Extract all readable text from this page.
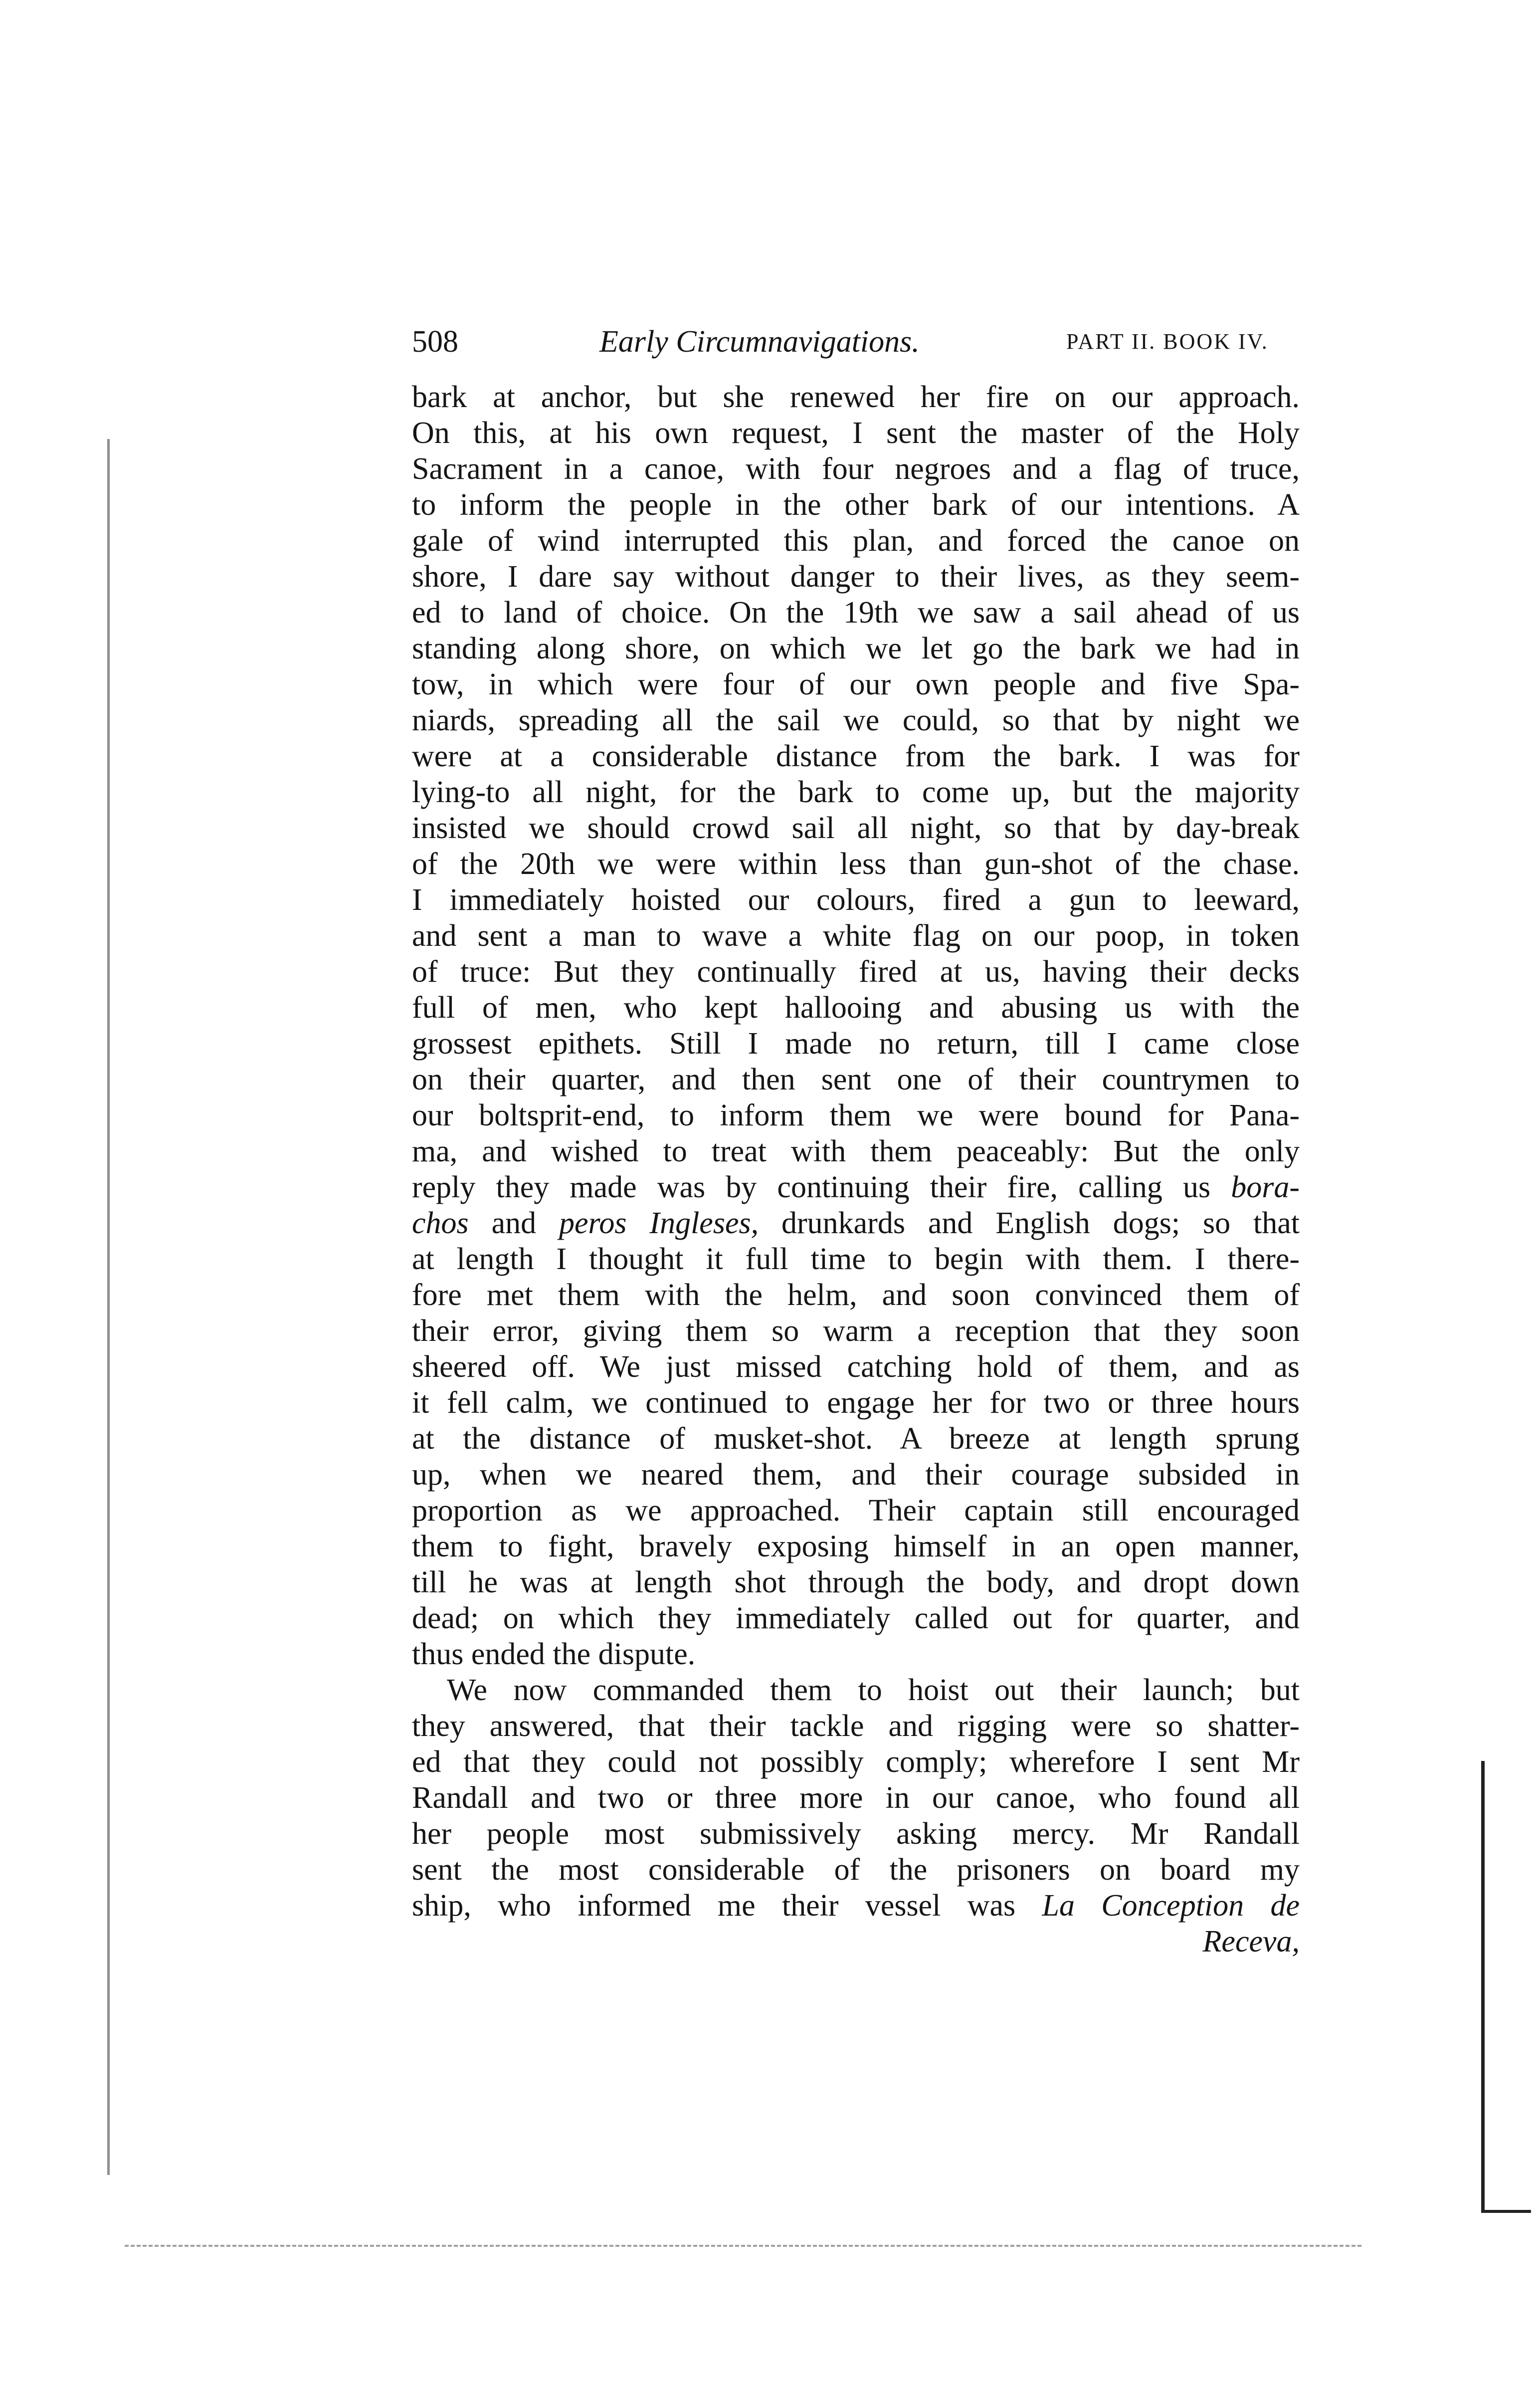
508	Early Circumnavigations.	PART II. BOOK IV.
bark at anchor, but she renewed her fire on our approach.
On this, at his own request, I sent the master of the Holy
Sacrament in a canoe, with four negroes and a flag of truce,
to inform the people in the other bark of our intentions. A
gale of wind interrupted this plan, and forced the canoe on
shore, I dare say without danger to their lives, as they seem-
ed to land of choice. On the 19th we saw a sail ahead of us
standing along shore, on which we let go the bark we had in
tow, in which were four of our own people and five Spa-
niards, spreading all the sail we could, so that by night we
were at a considerable distance from the bark. I was for
lying-to all night, for the bark to come up, but the majority
insisted we should crowd sail all night, so that by day-break
of the 20th we were within less than gun-shot of the chase.
I immediately hoisted our colours, fired a gun to leeward,
and sent a man to wave a white flag on our poop, in token
of truce: But they continually fired at us, having their decks
full of men, who kept hallooing and abusing us with the
grossest epithets. Still I made no return, till I came close
on their quarter, and then sent one of their countrymen to
our boltsprit-end, to inform them we were bound for Pana-
ma, and wished to treat with them peaceably: But the only
reply they made was by continuing their fire, calling us bora-
chos and peros Ingleses, drunkards and English dogs; so that
at length I thought it full time to begin with them. I there-
fore met them with the helm, and soon convinced them of
their error, giving them so warm a reception that they soon
sheered off. We just missed catching hold of them, and as
it fell calm, we continued to engage her for two or three hours
at the distance of musket-shot. A breeze at length sprung
up, when we neared them, and their courage subsided in
proportion as we approached. Their captain still encouraged
them to fight, bravely exposing himself in an open manner,
till he was at length shot through the body, and dropt down
dead; on which they immediately called out for quarter, and
thus ended the dispute.
We now commanded them to hoist out their launch; but
they answered, that their tackle and rigging were so shatter-
ed that they could not possibly comply; wherefore I sent Mr
Randall and two or three more in our canoe, who found all
her people most submissively asking mercy. Mr Randall
sent the most considerable of the prisoners on board my
ship, who informed me their vessel was La Conception de
Receva,
